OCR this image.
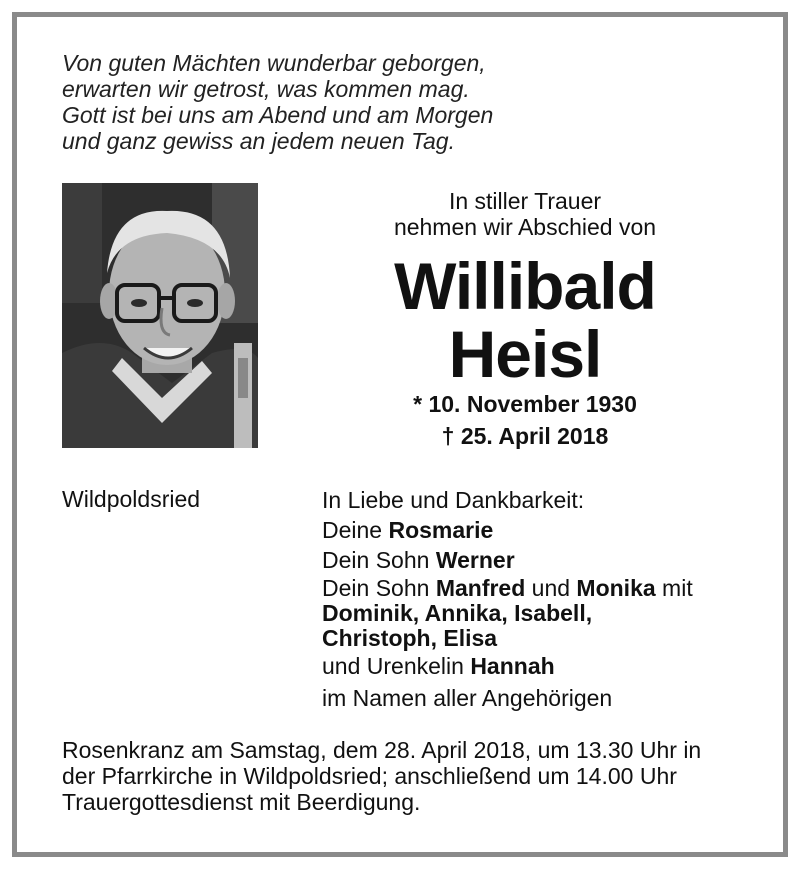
Von guten Mächten wunderbar geborgen,
erwarten wir getrost, was kommen mag.
Gott ist bei uns am Abend und am Morgen
und ganz gewiss an jedem neuen Tag.
In stiller Trauer
nehmen wir Abschied von
Willibald
Heisl
* 10. November 1930
† 25. April 2018
Wildpoldsried	In Liebe und Dankbarkeit:
Deine Rosmarie
Dein Sohn Werner
Dein Sohn Manfred und Monika mit
Dominik, Annika, Isabell,
Christoph, Elisa
und Urenkelin Hannah
im Namen aller Angehörigen
Rosenkranz am Samstag, dem 28. April 2018, um 13.30 Uhr in
der Pfarrkirche in Wildpoldsried; anschließend um 14.00 Uhr
Trauergottesdienst mit Beerdigung.
